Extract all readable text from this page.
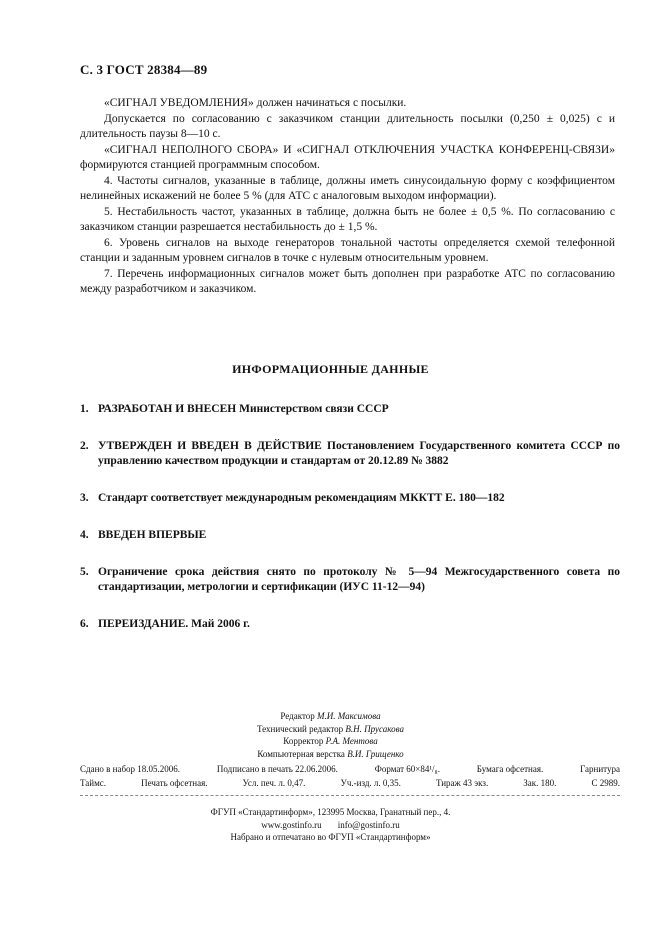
С. 3 ГОСТ 28384—89

«СИГНАЛ УВЕДОМЛЕНИЯ» должен начинаться с посылки.

Допускается по согласованию с заказчиком станции длительность посылки (0,250 ± 0,025) с и длительность паузы 8—10 с.

«СИГНАЛ НЕПОЛНОГО СБОРА» И «СИГНАЛ ОТКЛЮЧЕНИЯ УЧАСТКА КОНФЕРЕНЦ-СВЯЗИ» формируются станцией программным способом.

4. Частоты сигналов, указанные в таблице, должны иметь синусоидальную форму с коэффициентом нелинейных искажений не более 5 % (для АТС с аналоговым выходом информации).

5. Нестабильность частот, указанных в таблице, должна быть не более ± 0,5 %. По согласованию с заказчиком станции разрешается нестабильность до ± 1,5 %.

6. Уровень сигналов на выходе генераторов тональной частоты определяется схемой телефонной станции и заданным уровнем сигналов в точке с нулевым относительным уровнем.

7. Перечень информационных сигналов может быть дополнен при разработке АТС по согласованию между разработчиком и заказчиком.

ИНФОРМАЦИОННЫЕ ДАННЫЕ
1. РАЗРАБОТАН И ВНЕСЕН Министерством связи СССР
2. УТВЕРЖДЕН И ВВЕДЕН В ДЕЙСТВИЕ Постановлением Государственного комитета СССР по управлению качеством продукции и стандартам от 20.12.89 № 3882
3. Стандарт соответствует международным рекомендациям МККТТ Е. 180—182
4. ВВЕДЕН ВПЕРВЫЕ
5. Ограничение срока действия снято по протоколу № 5—94 Межгосударственного совета по стандартизации, метрологии и сертификации (ИУС 11-12—94)
6. ПЕРЕИЗДАНИЕ. Май 2006 г.
Редактор М.И. Максимова
Технический редактор В.Н. Прусакова
Корректор Р.А. Ментова
Компьютерная верстка В.И. Грищенко
Сдано в набор 18.05.2006.	Подписано в печать 22.06.2006.	Формат 60×84¹/₈.	Бумага офсетная.	Гарнитура
Таймс.	Печать офсетная.	Усл. печ. л. 0,47.	Уч.-изд. л. 0,35.	Тираж 43 экз.	Зак. 180.	С 2989.
ФГУП «Стандартинформ», 123995 Москва, Гранатный пер., 4.
www.gostinfo.ru info@gostinfo.ru
Набрано и отпечатано во ФГУП «Стандартинформ»
